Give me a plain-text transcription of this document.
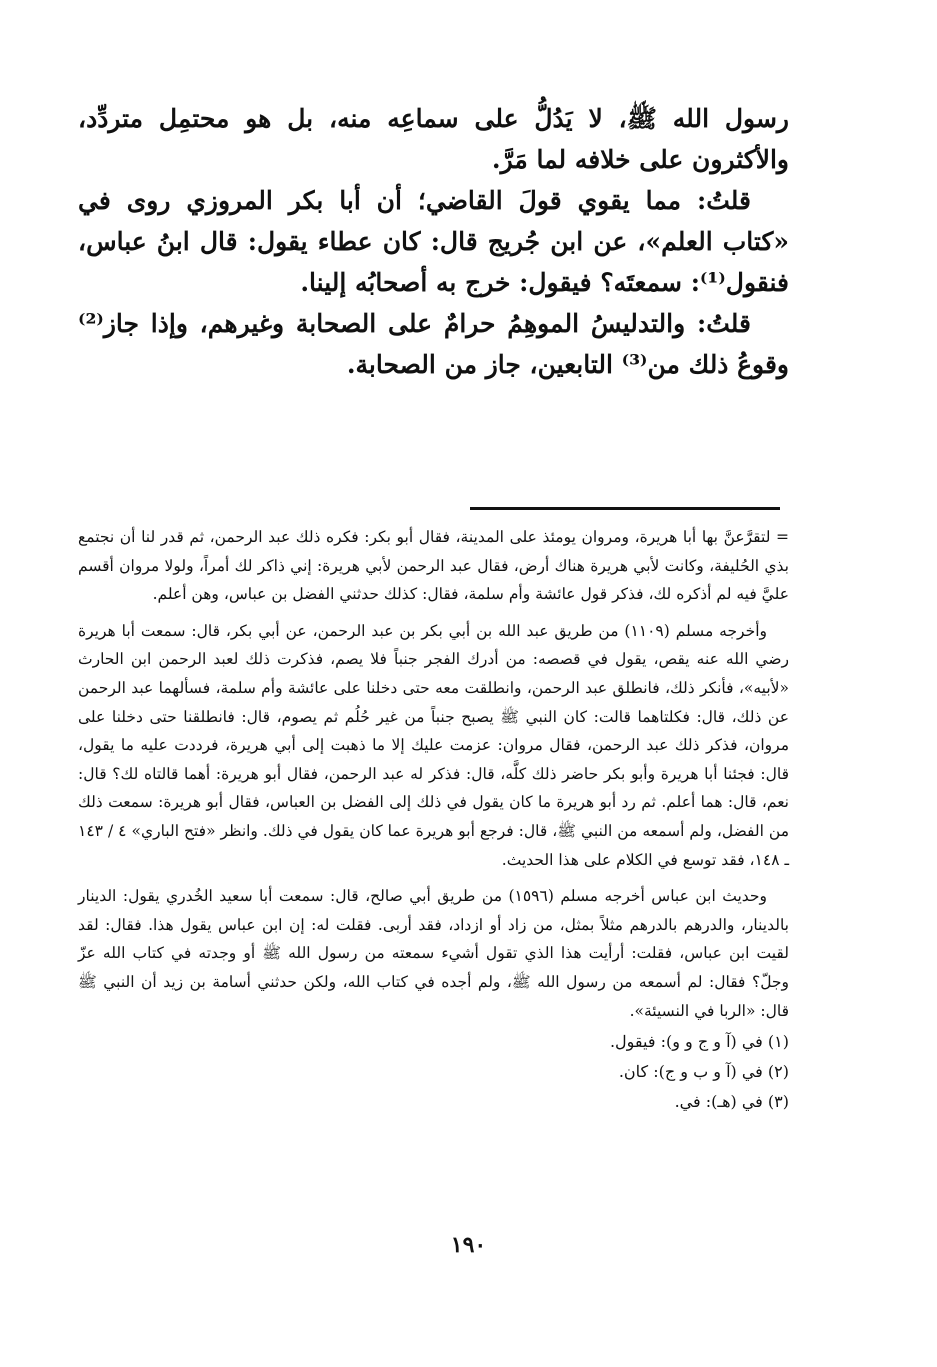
رسول الله ﷺ، لا يَدُلُّ على سماعِه منه، بل هو محتمِل متردِّد، والأكثرون على خلافه لما مَرَّ.

قلتُ: مما يقوي قولَ القاضي؛ أن أبا بكر المروزي روى في «كتاب العلم»، عن ابن جُريج قال: كان عطاء يقول: قال ابنُ عباس، فنقول⁽¹⁾: سمعتَه؟ فيقول: خرج به أصحابُه إلينا.

قلتُ: والتدليسُ الموهِمُ حرامٌ على الصحابة وغيرهم، وإذا جاز⁽²⁾ وقوعُ ذلك من⁽³⁾ التابعين، جاز من الصحابة.

= لتقرَّعنَّ بها أبا هريرة، ومروان يومئذ على المدينة، فقال أبو بكر: فكره ذلك عبد الرحمن، ثم قدر لنا أن نجتمع بذي الحُليفة، وكانت لأبي هريرة هناك أرض، فقال عبد الرحمن لأبي هريرة: إني ذاكر لك أمراً، ولولا مروان أقسم عليَّ فيه لم أذكره لك، فذكر قول عائشة وأم سلمة، فقال: كذلك حدثني الفضل بن عباس، وهن أعلم.

وأخرجه مسلم (١١٠٩) من طريق عبد الله بن أبي بكر بن عبد الرحمن، عن أبي بكر، قال: سمعت أبا هريرة رضي الله عنه يقص، يقول في قصصه: من أدرك الفجر جنباً فلا يصم، فذكرت ذلك لعبد الرحمن ابن الحارث «لأبيه»، فأنكر ذلك، فانطلق عبد الرحمن، وانطلقت معه حتى دخلنا على عائشة وأم سلمة، فسألهما عبد الرحمن عن ذلك، قال: فكلتاهما قالت: كان النبي ﷺ يصبح جنباً من غير حُلُم ثم يصوم، قال: فانطلقنا حتى دخلنا على مروان، فذكر ذلك عبد الرحمن، فقال مروان: عزمت عليك إلا ما ذهبت إلى أبي هريرة، فرددت عليه ما يقول، قال: فجئنا أبا هريرة وأبو بكر حاضر ذلك كلَّه، قال: فذكر له عبد الرحمن، فقال أبو هريرة: أهما قالتاه لك؟ قال: نعم، قال: هما أعلم. ثم رد أبو هريرة ما كان يقول في ذلك إلى الفضل بن العباس، فقال أبو هريرة: سمعت ذلك من الفضل، ولم أسمعه من النبي ﷺ، قال: فرجع أبو هريرة عما كان يقول في ذلك. وانظر «فتح الباري» ٤ / ١٤٣ ـ ١٤٨، فقد توسع في الكلام على هذا الحديث.

وحديث ابن عباس أخرجه مسلم (١٥٩٦) من طريق أبي صالح، قال: سمعت أبا سعيد الخُدري يقول: الدينار بالدينار، والدرهم بالدرهم مثلاً بمثل، من زاد أو ازداد، فقد أربى. فقلت له: إن ابن عباس يقول هذا. فقال: لقد لقيت ابن عباس، فقلت: أرأيت هذا الذي تقول أشيء سمعته من رسول الله ﷺ أو وجدته في كتاب الله عزّ وجلّ؟ فقال: لم أسمعه من رسول الله ﷺ، ولم أجده في كتاب الله، ولكن حدثني أسامة بن زيد أن النبي ﷺ قال: «الربا في النسيئة».

(١) في (آ و ج و و): فيقول.

(٢) في (آ و ب و ج): كان.

(٣) في (هـ): في.

١٩٠
